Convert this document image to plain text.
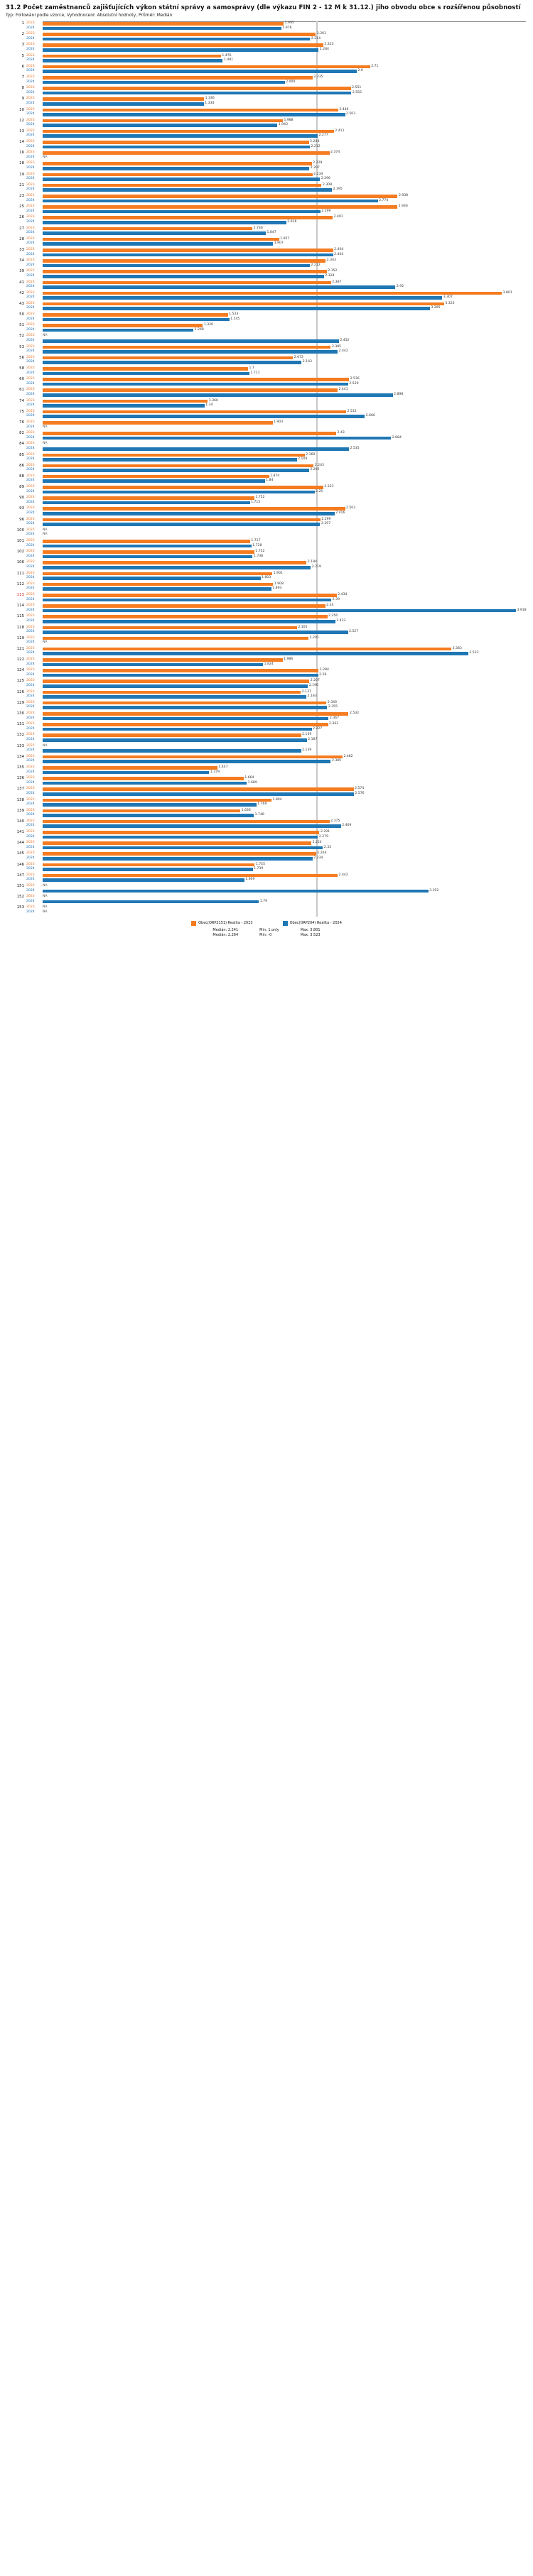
31.2 Počet zaměstnanců zajišťujících výkon státní správy a samosprávy (dle výkazu FIN 2 - 12 M k 31.12.) jiho obvodu obce s rozšířenou působností
Typ: Followání podle vzorce, Vyhodnocení: Absolutní hodnoty, Průměr: Medián
1 2023	1.995
2024	1.976
2 2023	2.261
2024	2.214
3 2023	2.323
2024	2.284
5 2023	1.476
2024	1.491
6 2023	2.71
2024	2.6
7 2023	2.235
2024	2.004
8 2023	2.551
2024	2.555
9 2023	1.336
2024	1.334
10 2023	2.446
2024	2.503
12 2023	1.988
2024	1.943
13 2023	2.411
2024	2.277
14 2023	2.204
2024	2.212
16 2023	2.374
2024	NA
18 2023	2.228
2024	2.207
19 2023	2.234
2024	2.296
21 2023	2.308
2024	2.395
23 2023	2.938
2024	2.774
25 2023	2.936
2024	2.299
26 2023	2.401
2024	2.016
27 2023	1.736
2024	1.847
28 2023	1.957
2024	1.907
33 2023	2.404
2024	2.404
34 2023	2.343
2024	2.212
39 2023	2.352
2024	2.328
41 2023	2.387
2024	2.92
42 2023	3.801
2024	3.307
43 2023	3.323
2024	3.205
50 2023	1.533
2024	1.545
51 2023	1.326
2024	1.248
52 2023	NA
2024	2.452
53 2023	2.385
2024	2.442
56 2023	2.072
2024	2.143
58 2023	1.7
2024	1.711
60 2023	2.536
2024	2.529
61 2023	2.441
2024	2.898
74 2023	1.366
2024	1.34
75 2023	2.512
2024	2.666
76 2023	1.903
2024	NA
82 2023	2.43
2024	2.884
84 2023	NA
2024	2.535
85 2023	2.169
2024	2.104
86 2023	2.243
2024	2.205
88 2023	1.874
2024	1.84
89 2023	2.323
2024	2.25
90 2023	1.752
2024	1.715
93 2023	2.503
2024	2.416
96 2023	2.299
2024	2.297
100 2023	NA
2024	NA
101 2023	1.717
2024	1.728
102 2023	1.752
2024	1.738
106 2023	2.184
2024	2.219
111 2023	1.901
2024	1.803
112 2023	1.908
2024	1.893
113 2023	2.434
2024	2.39
114 2023	2.34
2024	3.918
115 2023	2.356
2024	2.423
118 2023	2.105
2024	2.527
119 2023	2.201
2024	NA
121 2023	3.383
2024	3.523
122 2023	1.986
2024	1.824
124 2023	2.284
2024	2.28
125 2023	2.207
2024	2.196
126 2023	2.137
2024	2.183
129 2023	2.349
2024	2.355
130 2023	2.532
2024	2.367
131 2023	2.362
2024	2.227
132 2023	2.139
2024	2.187
133 2023	NA
2024	2.139
134 2023	2.482
2024	2.385
135 2023	1.447
2024	1.379
136 2023	1.664
2024	1.689
137 2023	2.574
2024	2.576
138 2023	1.894
2024	1.769
139 2023	1.636
2024	1.748
140 2023	2.375
2024	2.469
141 2023	2.291
2024	2.279
144 2023	2.224
2024	2.32
145 2023	2.264
2024	2.234
146 2023	1.755
2024	1.739
147 2023	2.442
2024	1.669
151 2023	NA
2024	3.192
152 2023	NA
2024	1.79
153 2023	NA
2024	NA
Obec(ORP2151) Realita - 2023	Obec(ORP204) Realita - 2024
Medián: 2.241
Medián: 2.264
Min: 1.only
Min: -0
Max: 3.801
Max: 3.523
